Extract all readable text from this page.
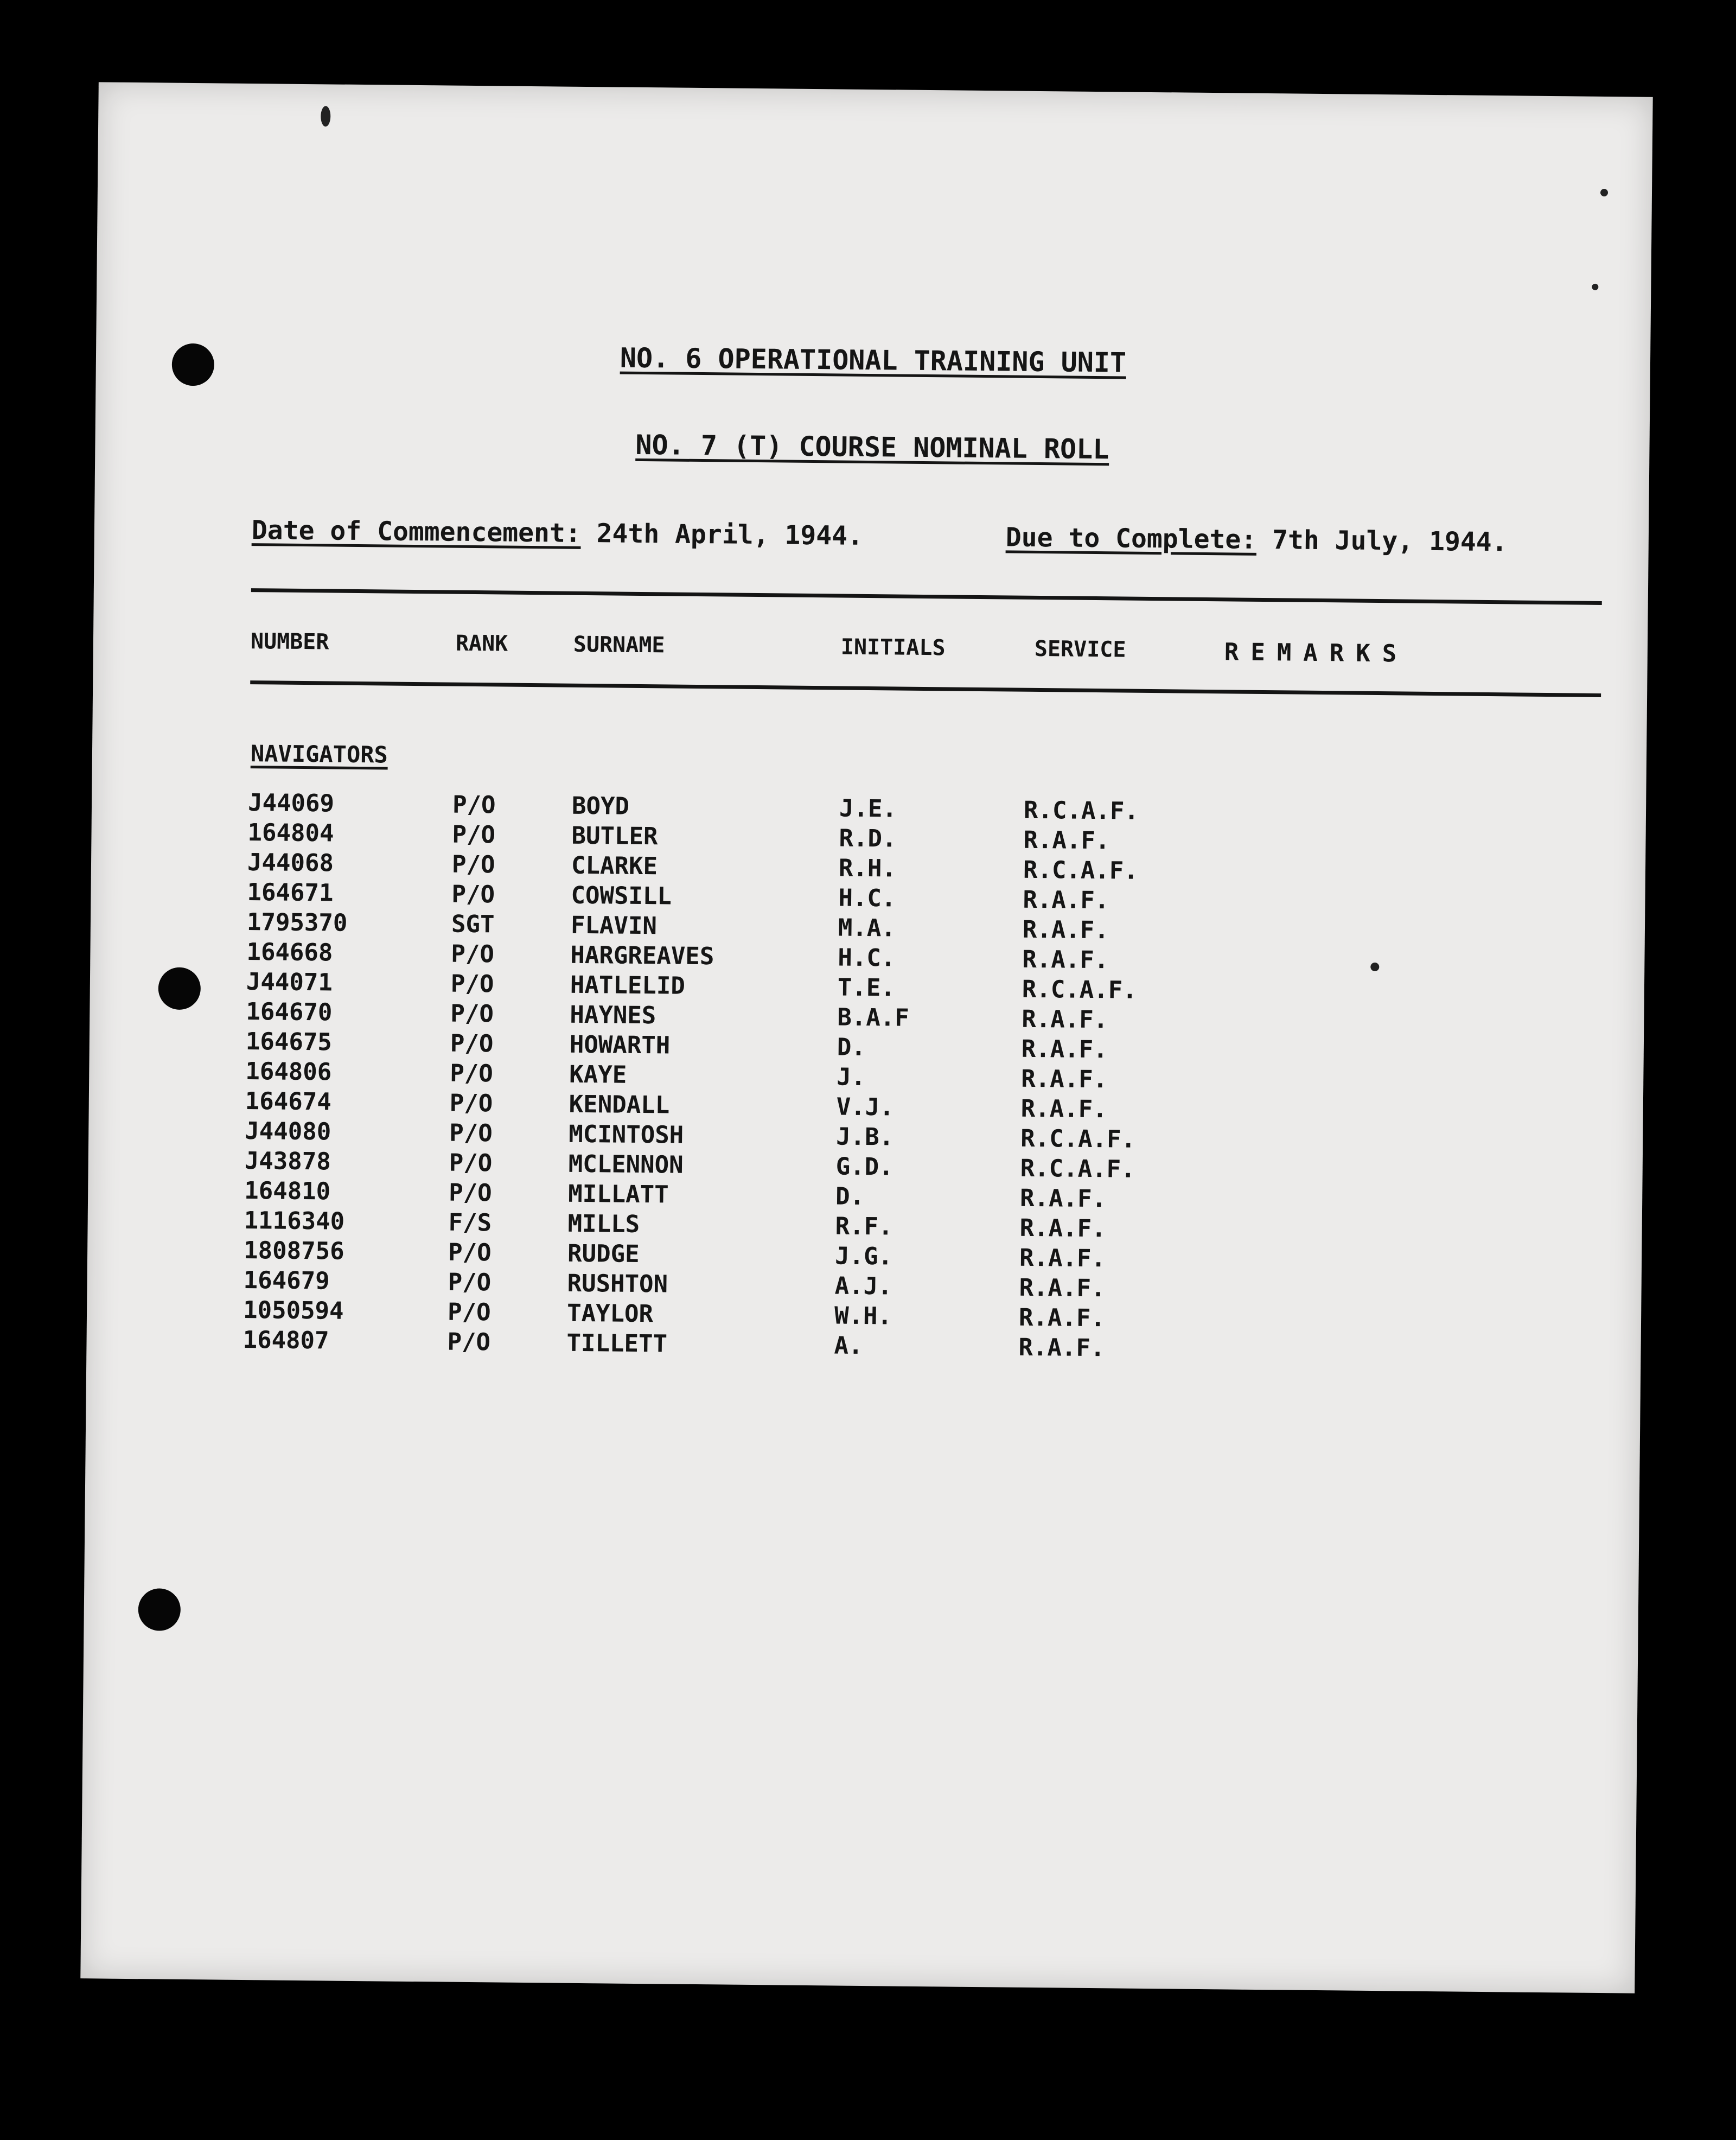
NO. 6 OPERATIONAL TRAINING UNIT
NO. 7 (T) COURSE NOMINAL ROLL
Date of Commencement: 24th April, 1944.	Due to Complete: 7th July, 1944.
NUMBER	RANK	SURNAME	INITIALS	SERVICE	REMARKS
NAVIGATORS
J44069	P/O	BOYD	J.E.	R.C.A.F.
164804	P/O	BUTLER	R.D.	R.A.F.
J44068	P/O	CLARKE	R.H.	R.C.A.F.
164671	P/O	COWSILL	H.C.	R.A.F.
1795370	SGT	FLAVIN	M.A.	R.A.F.
164668	P/O	HARGREAVES	H.C.	R.A.F.
J44071	P/O	HATLELID	T.E.	R.C.A.F.
164670	P/O	HAYNES	B.A.F	R.A.F.
164675	P/O	HOWARTH	D.	R.A.F.
164806	P/O	KAYE	J.	R.A.F.
164674	P/O	KENDALL	V.J.	R.A.F.
J44080	P/O	MCINTOSH	J.B.	R.C.A.F.
J43878	P/O	MCLENNON	G.D.	R.C.A.F.
164810	P/O	MILLATT	D.	R.A.F.
1116340	F/S	MILLS	R.F.	R.A.F.
1808756	P/O	RUDGE	J.G.	R.A.F.
164679	P/O	RUSHTON	A.J.	R.A.F.
1050594	P/O	TAYLOR	W.H.	R.A.F.
164807	P/O	TILLETT	A.	R.A.F.
